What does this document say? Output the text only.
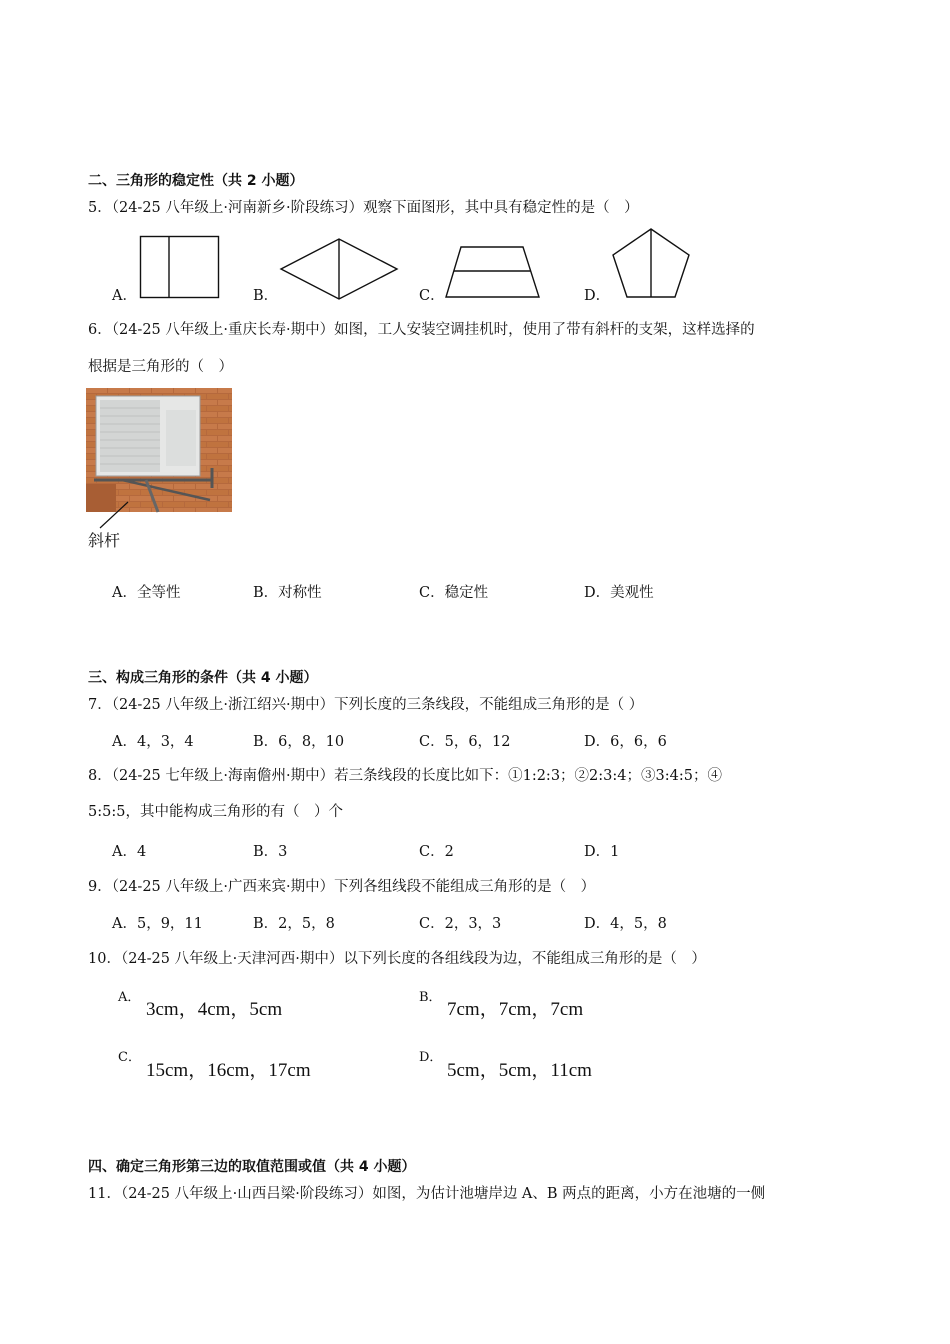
二、三角形的稳定性（共 2 小题）
5．（24-25 八年级上·河南新乡·阶段练习）观察下面图形，其中具有稳定性的是（　）
A．	B．	C．	D．
6．（24-25 八年级上·重庆长寿·期中）如图，工人安装空调挂机时，使用了带有斜杆的支架，这样选择的
根据是三角形的（　）
斜杆
A．全等性	B．对称性	C．稳定性	D．美观性
三、构成三角形的条件（共 4 小题）
7．（24-25 八年级上·浙江绍兴·期中）下列长度的三条线段，不能组成三角形的是（ ）
A．4，3，4	B．6，8，10	C．5，6，12	D．6，6，6
8．（24-25 七年级上·海南儋州·期中）若三条线段的长度比如下：①1:2:3；②2:3:4；③3:4:5；④
5:5:5，其中能构成三角形的有（　）个
A．4	B．3	C．2	D．1
9．（24-25 八年级上·广西来宾·期中）下列各组线段不能组成三角形的是（　）
A．5，9，11	B．2，5，8	C．2，3，3	D．4，5，8
10．（24-25 八年级上·天津河西·期中）以下列长度的各组线段为边，不能组成三角形的是（　）
A．
3cm，4cm，5cm
B．
7cm，7cm，7cm
C．
15cm，16cm，17cm
D．
5cm，5cm，11cm
四、确定三角形第三边的取值范围或值（共 4 小题）
11．（24-25 八年级上·山西吕梁·阶段练习）如图，为估计池塘岸边 A、B 两点的距离，小方在池塘的一侧
